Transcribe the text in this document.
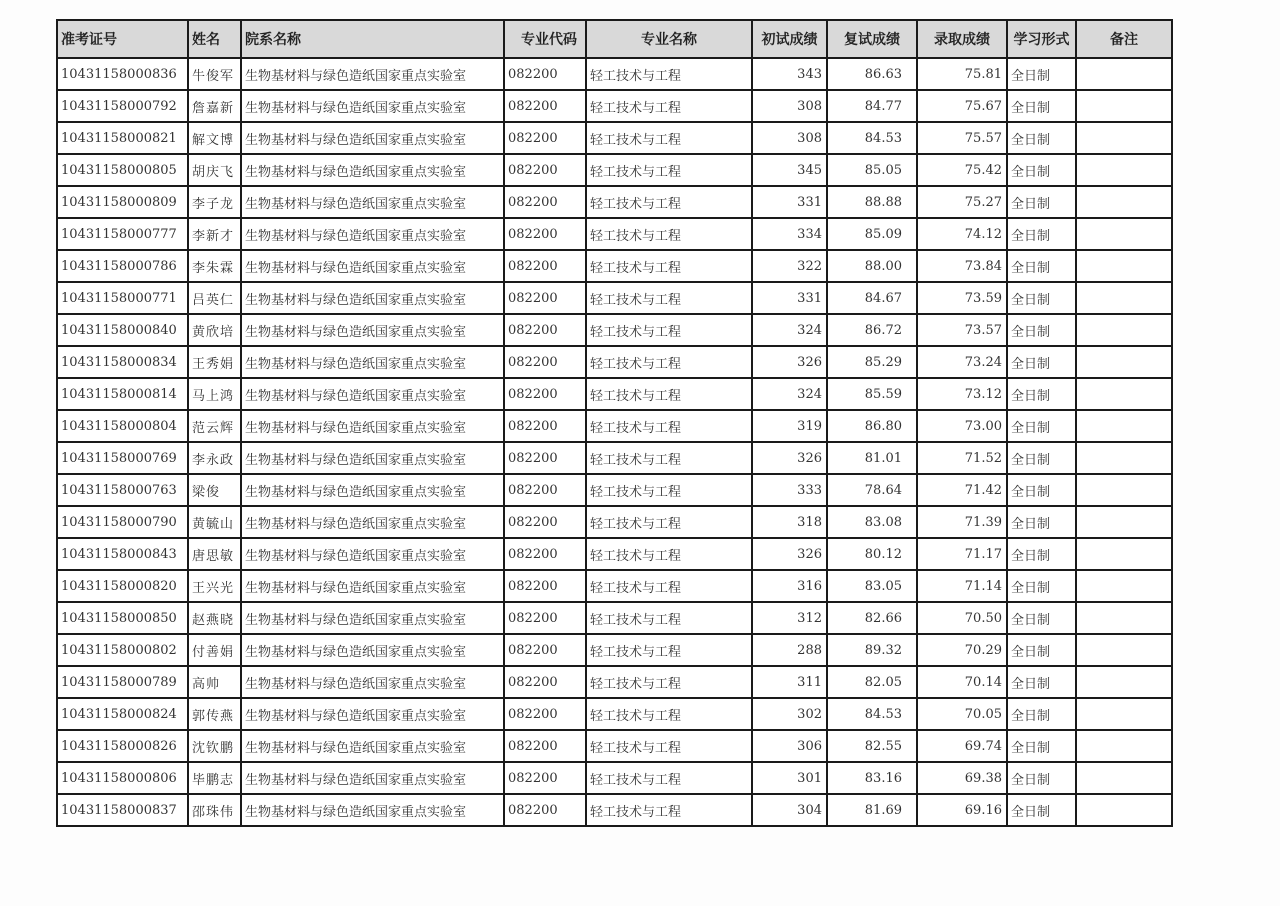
准考证号	姓名	院系名称	专业代码	专业名称	初试成绩	复试成绩	录取成绩	学习形式	备注
10431158000836	牛俊军	生物基材料与绿色造纸国家重点实验室	082200	轻工技术与工程	343	86.63	75.81	全日制	
10431158000792	詹嘉新	生物基材料与绿色造纸国家重点实验室	082200	轻工技术与工程	308	84.77	75.67	全日制	
10431158000821	解文博	生物基材料与绿色造纸国家重点实验室	082200	轻工技术与工程	308	84.53	75.57	全日制	
10431158000805	胡庆飞	生物基材料与绿色造纸国家重点实验室	082200	轻工技术与工程	345	85.05	75.42	全日制	
10431158000809	李子龙	生物基材料与绿色造纸国家重点实验室	082200	轻工技术与工程	331	88.88	75.27	全日制	
10431158000777	李新才	生物基材料与绿色造纸国家重点实验室	082200	轻工技术与工程	334	85.09	74.12	全日制	
10431158000786	李朱霖	生物基材料与绿色造纸国家重点实验室	082200	轻工技术与工程	322	88.00	73.84	全日制	
10431158000771	吕英仁	生物基材料与绿色造纸国家重点实验室	082200	轻工技术与工程	331	84.67	73.59	全日制	
10431158000840	黄欣培	生物基材料与绿色造纸国家重点实验室	082200	轻工技术与工程	324	86.72	73.57	全日制	
10431158000834	王秀娟	生物基材料与绿色造纸国家重点实验室	082200	轻工技术与工程	326	85.29	73.24	全日制	
10431158000814	马上鸿	生物基材料与绿色造纸国家重点实验室	082200	轻工技术与工程	324	85.59	73.12	全日制	
10431158000804	范云辉	生物基材料与绿色造纸国家重点实验室	082200	轻工技术与工程	319	86.80	73.00	全日制	
10431158000769	李永政	生物基材料与绿色造纸国家重点实验室	082200	轻工技术与工程	326	81.01	71.52	全日制	
10431158000763	梁俊	生物基材料与绿色造纸国家重点实验室	082200	轻工技术与工程	333	78.64	71.42	全日制	
10431158000790	黄毓山	生物基材料与绿色造纸国家重点实验室	082200	轻工技术与工程	318	83.08	71.39	全日制	
10431158000843	唐思敏	生物基材料与绿色造纸国家重点实验室	082200	轻工技术与工程	326	80.12	71.17	全日制	
10431158000820	王兴光	生物基材料与绿色造纸国家重点实验室	082200	轻工技术与工程	316	83.05	71.14	全日制	
10431158000850	赵燕晓	生物基材料与绿色造纸国家重点实验室	082200	轻工技术与工程	312	82.66	70.50	全日制	
10431158000802	付善娟	生物基材料与绿色造纸国家重点实验室	082200	轻工技术与工程	288	89.32	70.29	全日制	
10431158000789	高帅	生物基材料与绿色造纸国家重点实验室	082200	轻工技术与工程	311	82.05	70.14	全日制	
10431158000824	郭传燕	生物基材料与绿色造纸国家重点实验室	082200	轻工技术与工程	302	84.53	70.05	全日制	
10431158000826	沈钦鹏	生物基材料与绿色造纸国家重点实验室	082200	轻工技术与工程	306	82.55	69.74	全日制	
10431158000806	毕鹏志	生物基材料与绿色造纸国家重点实验室	082200	轻工技术与工程	301	83.16	69.38	全日制	
10431158000837	邵珠伟	生物基材料与绿色造纸国家重点实验室	082200	轻工技术与工程	304	81.69	69.16	全日制	
